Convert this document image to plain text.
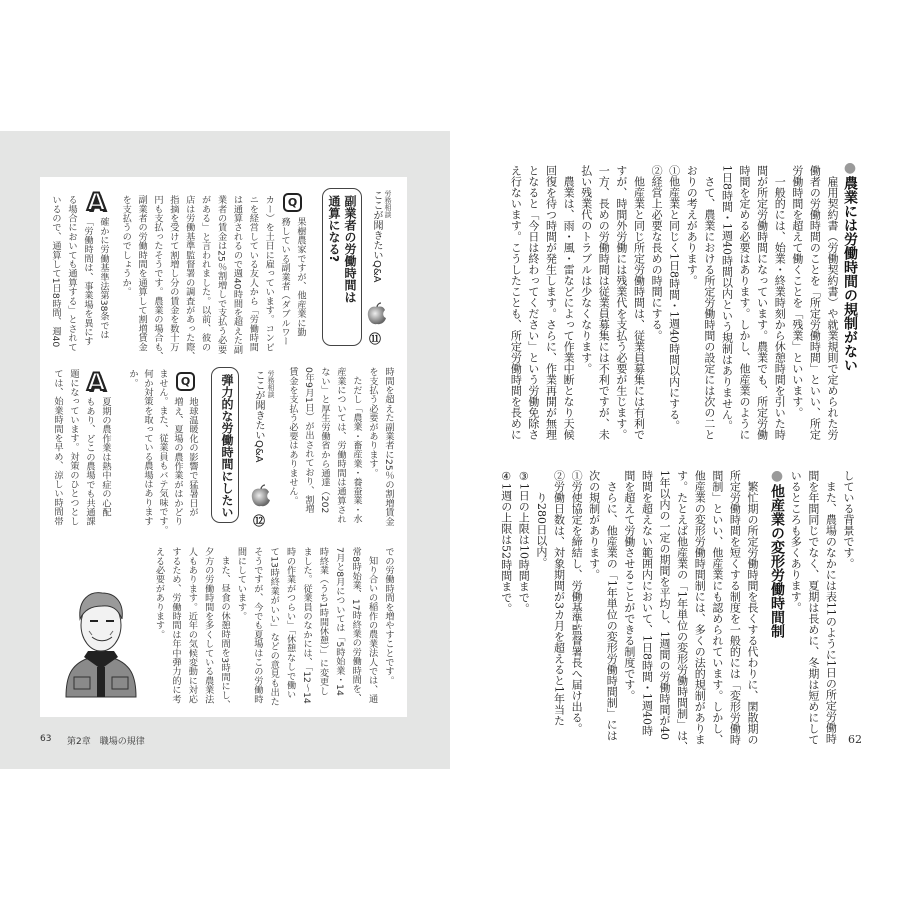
●農業には労働時間の規制がない
雇用契約書（労働契約書）や就業規則で定められた労
働者の労働時間のことを「所定労働時間」といい、所定
労働時間を超えて働くことを「残業」といいます。
一般的には、始業・終業時刻から休憩時間を引いた時
間が所定労働時間になっています。農業でも、所定労働
時間を定める必要はあります。しかし、他産業のように
1日8時間・1週40時間以内という規制はありません。
さて、農業における所定労働時間の設定には次の二と
おりの考えがあります。
①他産業と同じく1日8時間・1週40時間以内にする。
②経営上必要な長めの時間にする。
他産業と同じ所定労働時間は、従業員募集には有利で
すが、時間外労働には残業代を支払う必要が生じます。
一方、長めの労働時間は従業員募集には不利ですが、未
払い残業代のトラブルは少なくなります。
農業は、雨・風・雷などによって作業中断となり天候
回復を待つ時間が発生します。さらに、作業再開が無理
となると「今日は終わってください」という労働免除さ
え行ないます。こうしたことも、所定労働時間を長めに
している背景です。
また、農場のなかには表11のように1日の所定労働時
間を年間同じでなく、夏期は長めに、冬期は短めにして
いるところも多くあります。
●他産業の変形労働時間制
繁忙期の所定労働時間を長くする代わりに、閑散期の
所定労働時間を短くする制度を一般的には「変形労働時
間制」といい、他産業にも認められています。しかし、
他産業の変形労働時間制には、多くの法的規制がありま
す。たとえば他産業の「1年単位の変形労働時間制」は、
1年以内の一定の期間を平均し、1週間の労働時間が40
時間を超えない範囲内において、1日8時間・1週40時
間を超えて労働させることができる制度です。
さらに、他産業の「1年単位の変形労働時間制」には
次の規制があります。
①労使協定を締結し、労働基準監督署長へ届け出る。
②労働日数は、対象期間が3カ月を超えると1年当た
り280日以内。
③1日の上限は10時間まで。
④1週の上限は52時間まで。
62
労務相談
ここが聞きたいQ&A
⑪
副業者の労働時間は
通算になる?
Q
果樹農家ですが、他産業に勤
務している副業者（ダブルワー
カー）を土日に雇っています。コンビ
ニを経営している友人から「労働時間
は通算されるので週40時間を超えた副
業者の賃金は25％割増しで支払う必要
がある」と言われました。以前、彼の
店は労働基準監督署の調査があった際、
指摘を受けて割増し分の賃金を数十万
円も支払ったそうです。農業の場合も、
副業者の労働時間を通算して割増賃金
を支払うのでしょうか。
A
確かに労働基準法第38条では
「労働時間は、事業場を異にす
る場合においても通算する」とされて
いるので、通算して1日8時間、週40
時間を超えた副業者に25％の割増賃金
を支払う必要があります。
ただし「農業・畜産業・養蚕業・水
産業については、労働時間は通算され
ない」と厚生労働省から通達（202
0年9月1日）が出されており、割増
賃金を支払う必要はありません。
労務相談
ここが聞きたいQ&A
⑫
弾力的な労働時間にしたい
Q
地球温暖化の影響で猛暑日が
増え、夏場の農作業がはかどり
ません。また、従業員もバテ気味です。
何か対策を取っている農場はあります
か。
A
夏期の農作業は熱中症の心配
もあり、どこの農場でも共通課
題になっています。対策のひとつとし
ては、始業時間を早め、涼しい時間帯
での労働時間を増やすことです。
知り合いの稲作の農業法人では、通
常8時始業、17時終業の労働時間を、
7月と8月については「5時始業・14
時終業（うち1時間休憩）」に変更し
ました。従業員のなかには、「12〜14
時の作業がつらい」「休憩なしで働い
て13時終業がいい」などの意見も出た
そうですが、今でも夏場はこの労働時
間にしています。
また、昼食の休憩時間を3時間にし、
夕方の労働時間を多くしている農業法
人もあります。近年の気候変動に対応
するため、労働時間は年中弾力的に考
える必要があります。
63 第2章　職場の規律
